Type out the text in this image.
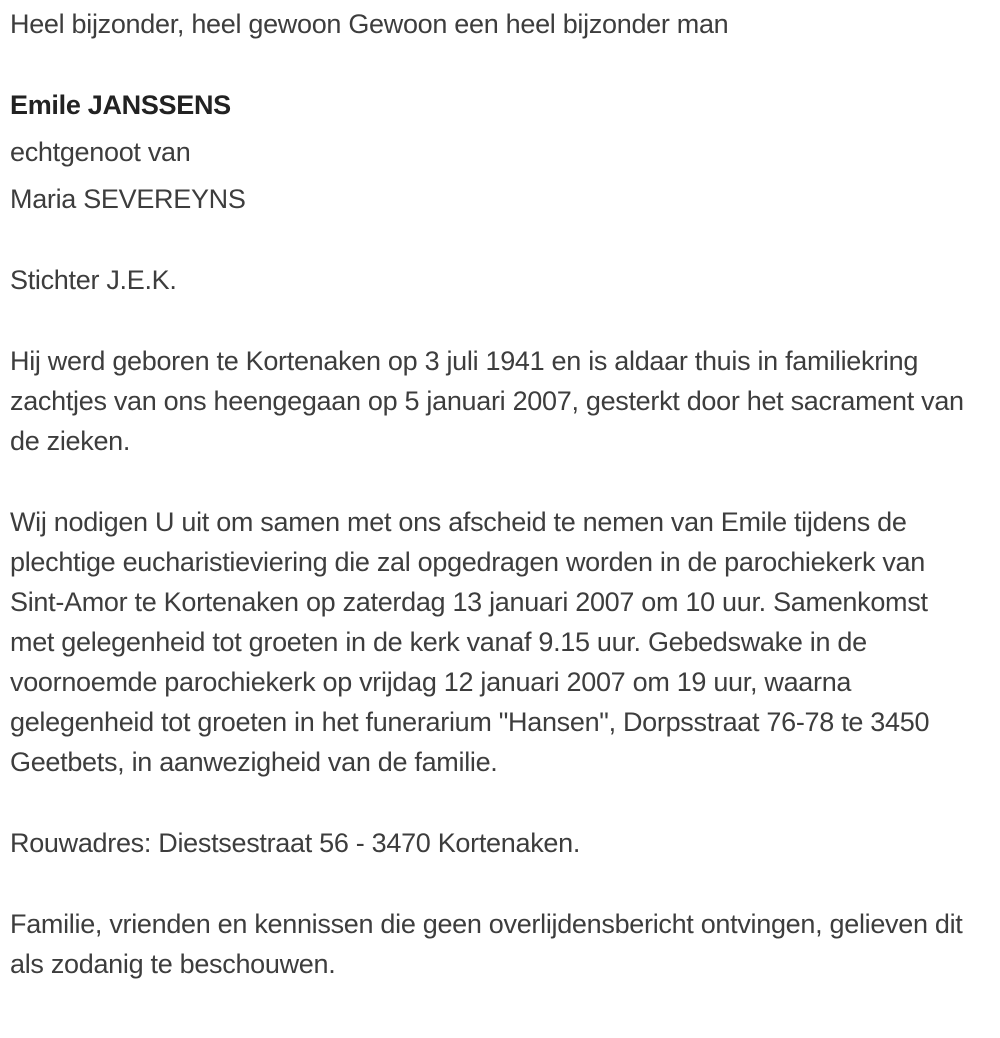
Heel bijzonder, heel gewoon Gewoon een heel bijzonder man

Emile JANSSENS

echtgenoot van

Maria SEVEREYNS

Stichter J.E.K.

Hij werd geboren te Kortenaken op 3 juli 1941 en is aldaar thuis in familiekring zachtjes van ons heengegaan op 5 januari 2007, gesterkt door het sacrament van de zieken.

Wij nodigen U uit om samen met ons afscheid te nemen van Emile tijdens de plechtige eucharistieviering die zal opgedragen worden in de parochiekerk van Sint-Amor te Kortenaken op zaterdag 13 januari 2007 om 10 uur. Samenkomst met gelegenheid tot groeten in de kerk vanaf 9.15 uur. Gebedswake in de voornoemde parochiekerk op vrijdag 12 januari 2007 om 19 uur, waarna gelegenheid tot groeten in het funerarium "Hansen", Dorpsstraat 76-78 te 3450 Geetbets, in aanwezigheid van de familie.

Rouwadres: Diestsestraat 56 - 3470 Kortenaken.

Familie, vrienden en kennissen die geen overlijdensbericht ontvingen, gelieven dit als zodanig te beschouwen.
